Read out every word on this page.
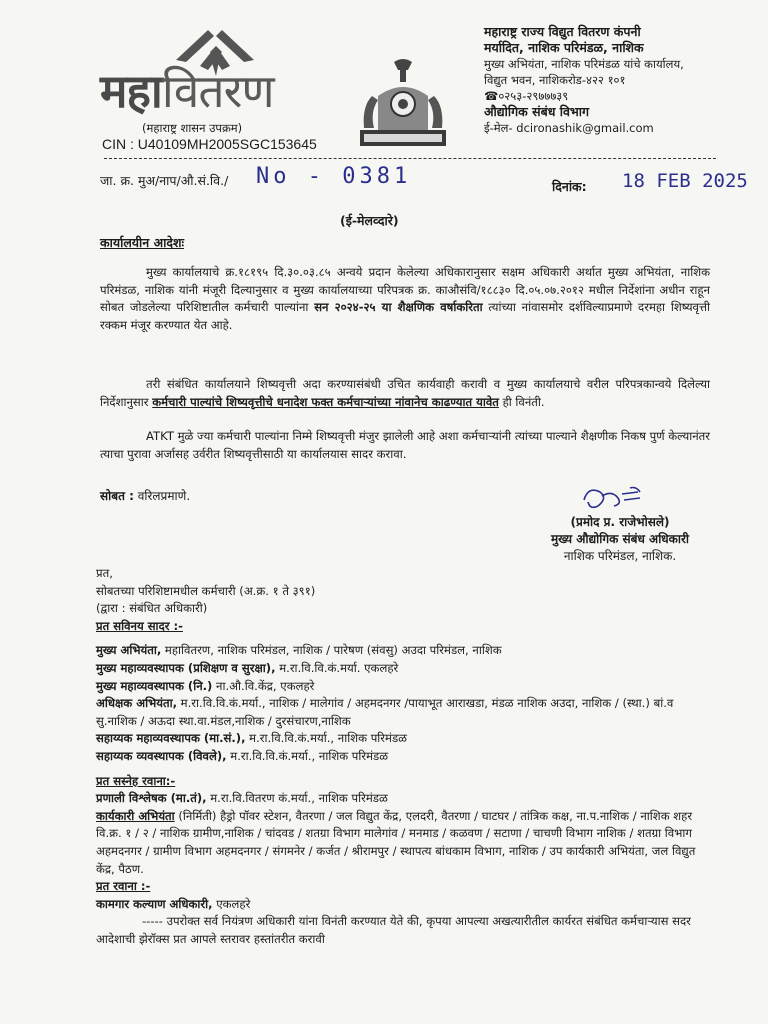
महावितरण
(महाराष्ट्र शासन उपक्रम)
CIN : U40109MH2005SGC153645
महाराष्ट्र राज्य विद्युत वितरण कंपनी
मर्यादित, नाशिक परिमंडळ, नाशिक
मुख्य अभियंता, नाशिक परिमंडळ यांचे कार्यालय,
विद्युत भवन, नाशिकरोड-४२२ १०१
☎०२५३-२९७७७३९
औद्योगिक संबंध विभाग
ई-मेल- dcironashik@gmail.com
जा. क्र. मुअ/नाप/औ.सं.वि./ No - 0381	दिनांक: 18 FEB 2025
(ई-मेलव्दारे)
कार्यालयीन आदेशः
मुख्य कार्यालयाचे क्र.१८१९५ दि.३०.०३.८५ अन्वये प्रदान केलेल्या अधिकारानुसार सक्षम अधिकारी अर्थात मुख्य अभियंता, नाशिक परिमंडळ, नाशिक यांनी मंजूरी दिल्यानुसार व मुख्य कार्यालयाच्या परिपत्रक क्र. काऔसंवि/१८८३० दि.०५.०७.२०१२ मधील निर्देशांना अधीन राहून सोबत जोडलेल्या परिशिष्टातील कर्मचारी पाल्यांना सन २०२४-२५ या शैक्षणिक वर्षाकरिता त्यांच्या नांवासमोर दर्शविल्याप्रमाणे दरमहा शिष्यवृत्ती रक्कम मंजूर करण्यात येत आहे.
तरी संबंधित कार्यालयाने शिष्यवृत्ती अदा करण्यासंबंधी उचित कार्यवाही करावी व मुख्य कार्यालयाचे वरील परिपत्रकान्वये दिलेल्या निर्देशानुसार कर्मचारी पाल्यांचे शिष्यवृत्तीचे धनादेश फक्त कर्मचाऱ्यांच्या नांवानेच काढण्यात यावेत ही विनंती.
ATKT मुळे ज्या कर्मचारी पाल्यांना निम्मे शिष्यवृत्ती मंजुर झालेली आहे अशा कर्मचाऱ्यांनी त्यांच्या पाल्याने शैक्षणीक निकष पुर्ण केल्यानंतर त्याचा पुरावा अर्जासह उर्वरीत शिष्यवृत्तीसाठी या कार्यालयास सादर करावा.
सोबत : वरिलप्रमाणे.
(प्रमोद प्र. राजेभोसले)
मुख्य औद्योगिक संबंध अधिकारी
नाशिक परिमंडल, नाशिक.
प्रत,
सोबतच्या परिशिष्टामधील कर्मचारी (अ.क्र. १ ते ३९१)
(द्वारा : संबंधित अधिकारी)
प्रत सविनय सादर :-
मुख्य अभियंता, महावितरण, नाशिक परिमंडल, नाशिक / पारेषण (संवसु) अउदा परिमंडल, नाशिक
मुख्य महाव्यवस्थापक (प्रशिक्षण व सुरक्षा), म.रा.वि.वि.कं.मर्या. एकलहरे
मुख्य महाव्यवस्थापक (नि.) ना.औ.वि.केंद्र, एकलहरे
अधिक्षक अभियंता, म.रा.वि.वि.कं.मर्या., नाशिक / मालेगांव / अहमदनगर /पायाभूत आराखडा, मंडळ नाशिक अउदा, नाशिक / (स्था.) बां.व सु.नाशिक / अऊदा स्था.वा.मंडल,नाशिक / दुरसंचारण,नाशिक
सहाय्यक महाव्यवस्थापक (मा.सं.), म.रा.वि.वि.कं.मर्या., नाशिक परिमंडळ
सहाय्यक व्यवस्थापक (विवले), म.रा.वि.वि.कं.मर्या., नाशिक परिमंडळ
प्रत सस्नेह रवाना:-
प्रणाली विश्लेषक (मा.तं), म.रा.वि.वितरण कं.मर्या., नाशिक परिमंडळ
कार्यकारी अभियंता (निर्मिती) हैड्रो पॉवर स्टेशन, वैतरणा / जल विद्युत केंद्र, एलदरी, वैतरणा / घाटघर / तांत्रिक कक्ष, ना.प.नाशिक / नाशिक शहर वि.क्र. १ / २ / नाशिक ग्रामीण,नाशिक / चांदवड / शतग्रा विभाग मालेगांव / मनमाड / कळवण / सटाणा / चाचणी विभाग नाशिक / शतग्रा विभाग अहमदनगर / ग्रामीण विभाग अहमदनगर / संगमनेर / कर्जत / श्रीरामपुर / स्थापत्य बांधकाम विभाग, नाशिक / उप कार्यकारी अभियंता, जल विद्युत केंद्र, पैठण.
प्रत रवाना :-
कामगार कल्याण अधिकारी, एकलहरे
----- उपरोक्त सर्व नियंत्रण अधिकारी यांना विनंती करण्यात येते की, कृपया आपल्या अखत्यारीतील कार्यरत संबंधित कर्मचाऱ्यास सदर आदेशाची झेरॉक्स प्रत आपले स्तरावर हस्तांतरीत करावी
